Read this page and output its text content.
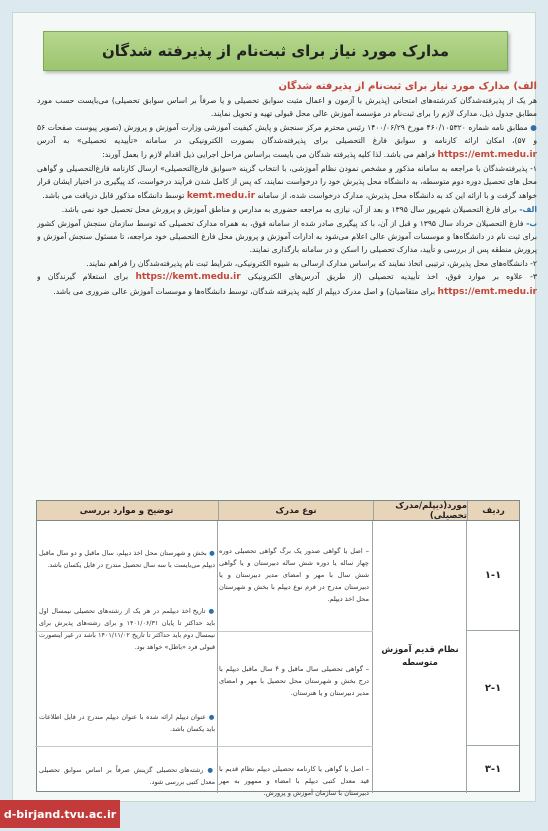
مدارک مورد نیاز برای ثبت‌نام از پذیرفته شدگان

الف) مدارک مورد نیاز برای ثبت‌نام از پذیرفته شدگان

هر یک از پذیرفته‌شدگان کدرشته‌های امتحانی (پذیرش با آزمون و اعمال مثبت سوابق تحصیلی و یا صرفاً بر اساس سوابق تحصیلی) می‌بایست حسب مورد مطابق جدول ذیل، مدارک لازم را برای ثبت‌نام در مؤسسه آموزش عالی محل قبولی تهیه و تحویل نمایند.

● مطابق نامه شماره ۴۶۰/۱۰۵۳۲۰ مورخ ۱۴۰۰/۰۶/۲۹ رئیس محترم مرکز سنجش و پایش کیفیت آموزشی وزارت آموزش و پرورش (تصویر پیوست صفحات ۵۶ و ۵۷)، امکان ارائه کارنامه و سوابق فارغ التحصیلی برای پذیرفته‌شدگان بصورت الکترونیکی در سامانه «تأییدیه تحصیلی» به آدرس https://emt.medu.ir فراهم می باشد. لذا کلیه پذیرفته شدگان می بایست براساس مراحل اجرایی ذیل اقدام لازم را بعمل آورند:

۱- پذیرفته‌شدگان با مراجعه به سامانه مذکور و مشخص نمودن نظام آموزشی، با انتخاب گزینه «سوابق فارغ‌التحصیلی» ارسال کارنامه فارغ‌التحصیلی و گواهی محل های تحصیل دوره دوم متوسطه، به دانشگاه محل پذیرش خود را درخواست نمایند، که پس از کامل شدن فرآیند درخواست، کد پیگیری در اختیار ایشان قرار خواهد گرفت و با ارائه این کد به دانشگاه محل پذیرش، مدارک درخواست شده، از سامانه kemt.medu.ir توسط دانشگاه مذکور قابل دریافت می باشد.

الف- برای فارغ التحصیلان شهریور سال ۱۳۹۵ و بعد از آن، نیازی به مراجعه حضوری به مدارس و مناطق آموزش و پرورش محل تحصیل خود نمی باشد.

ب- فارغ التحصیلان خرداد سال ۱۳۹۵ و قبل از آن، با کد پیگیری صادر شده از سامانه فوق، به همراه مدارک تحصیلی که توسط سازمان سنجش آموزش کشور برای ثبت نام در دانشگاه‌ها و موسسات آموزش عالی اعلام می‌شود به ادارات آموزش و پرورش محل فارغ التحصیلی خود مراجعه، تا مسئول سنجش آموزش و پرورش منطقه پس از بررسی و تأیید، مدارک تحصیلی را اسکن و در سامانه بارگذاری نمایند.

۲- دانشگاه‌های محل پذیرش، ترتیبی اتخاذ نمایند که براساس مدارک ارسالی به شیوه الکترونیکی، شرایط ثبت نام پذیرفته‌شدگان را فراهم نمایند.

۳- علاوه بر موارد فوق، اخذ تأییدیه تحصیلی (از طریق آدرس‌های الکترونیکی https://kemt.medu.ir برای استعلام گیرندگان و https://emt.medu.ir برای متقاضیان) و اصل مدرک دیپلم از کلیه پذیرفته شدگان، توسط دانشگاه‌ها و موسسات آموزش عالی ضروری می باشد.

ردیف
مورد(دیپلم/مدرک تحصیلی)
نوع مدرک
توضیح و موارد بررسی
۱-۱
۲-۱
۳-۱
نظام قدیم آموزش متوسطه
– اصل یا گواهی صدور یک برگ گواهی تحصیلی دوره چهار ساله یا دوره شش ساله دبیرستان و یا گواهی شش سال با مهر و امضای مدیر دبیرستان و یا دبیرستان مدرج در فرم نوع دیپلم با بخش و شهرستان محل اخذ دیپلم.
– گواهی تحصیلی سال ماقبل و ۴ سال ماقبل دیپلم با درج بخش و شهرستان محل تحصیل با مهر و امضای مدیر دبیرستان و یا هنرستان.
– اصل یا گواهی یا کارنامه تحصیلی دیپلم نظام قدیم با قید معدل کتبی دیپلم با امضاء و ممهور به مهر دبیرستان با سازمان آموزش و پرورش.
● بخش و شهرستان محل اخذ دیپلم، سال ماقبل و دو سال ماقبل دیپلم می‌بایست با سه سال تحصیل مندرج در فایل یکسان باشد.
● تاریخ اخذ دیپلمم در هر یک از رشته‌های تحصیلی نیمسال اول باید حداکثر تا پایان ۱۴۰۱/۰۶/۳۱ و برای رشته‌های پذیرش برای نیمسال دوم باید حداکثر تا تاریخ ۱۴۰۱/۱۱/۰۲ باشد در غیر اینصورت قبولی فرد «باطل» خواهد بود.
● عنوان دیپلم ارائه شده با عنوان دیپلم مندرج در فایل اطلاعات باید یکسان باشد.
● رشته‌های تحصیلی گزینش صرفاً بر اساس سوابق تحصیلی معدل کتبی بررسی شود.
d-birjand.tvu.ac.ir
